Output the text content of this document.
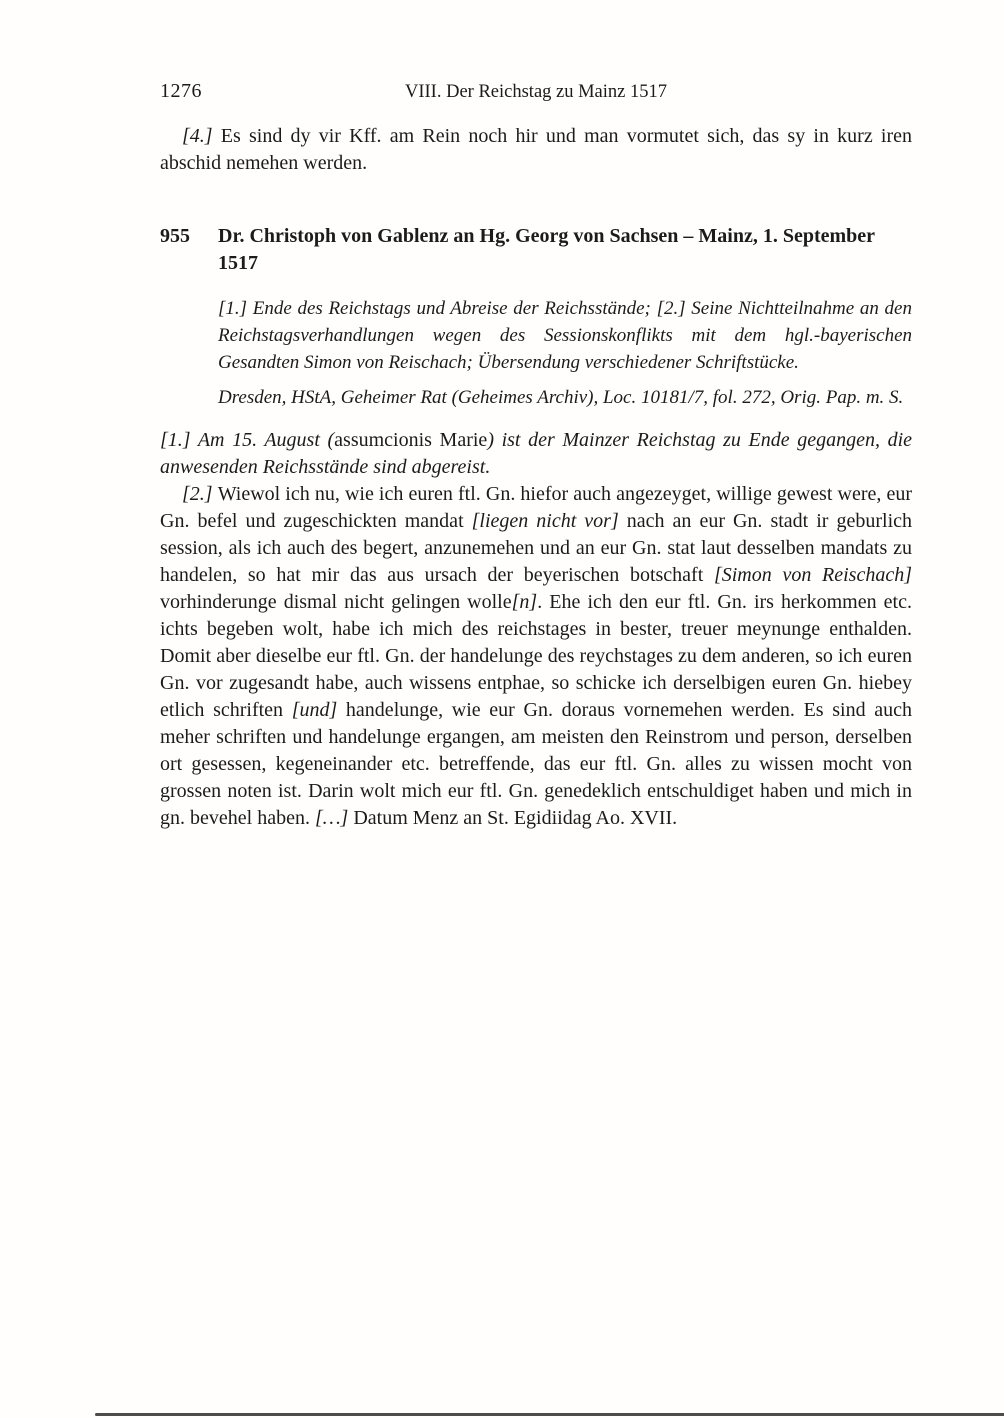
1276	VIII. Der Reichstag zu Mainz 1517

[4.] Es sind dy vir Kff. am Rein noch hir und man vormutet sich, das sy in kurz iren abschid nemehen werden.

955	Dr. Christoph von Gablenz an Hg. Georg von Sachsen – Mainz, 1. September 1517

[1.] Ende des Reichstags und Abreise der Reichsstände; [2.] Seine Nichtteilnahme an den Reichstagsverhandlungen wegen des Sessionskonflikts mit dem hgl.-bayerischen Gesandten Simon von Reischach; Übersendung verschiedener Schriftstücke.

Dresden, HStA, Geheimer Rat (Geheimes Archiv), Loc. 10181/7, fol. 272, Orig. Pap. m. S.

[1.] Am 15. August (assumcionis Marie) ist der Mainzer Reichstag zu Ende gegangen, die anwesenden Reichsstände sind abgereist.

[2.] Wiewol ich nu, wie ich euren ftl. Gn. hiefor auch angezeyget, willige gewest were, eur Gn. befel und zugeschickten mandat [liegen nicht vor] nach an eur Gn. stadt ir geburlich session, als ich auch des begert, anzunemehen und an eur Gn. stat laut desselben mandats zu handelen, so hat mir das aus ursach der beyerischen botschaft [Simon von Reischach] vorhinderunge dismal nicht gelingen wolle[n]. Ehe ich den eur ftl. Gn. irs herkommen etc. ichts begeben wolt, habe ich mich des reichstages in bester, treuer meynunge enthalden. Domit aber dieselbe eur ftl. Gn. der handelunge des reychstages zu dem anderen, so ich euren Gn. vor zugesandt habe, auch wissens entphae, so schicke ich derselbigen euren Gn. hiebey etlich schriften [und] handelunge, wie eur Gn. doraus vornemehen werden. Es sind auch meher schriften und handelunge ergangen, am meisten den Reinstrom und person, derselben ort gesessen, kegeneinander etc. betreffende, das eur ftl. Gn. alles zu wissen mocht von grossen noten ist. Darin wolt mich eur ftl. Gn. genedeklich entschuldiget haben und mich in gn. bevehel haben. […] Datum Menz an St. Egidiidag Ao. XVII.
